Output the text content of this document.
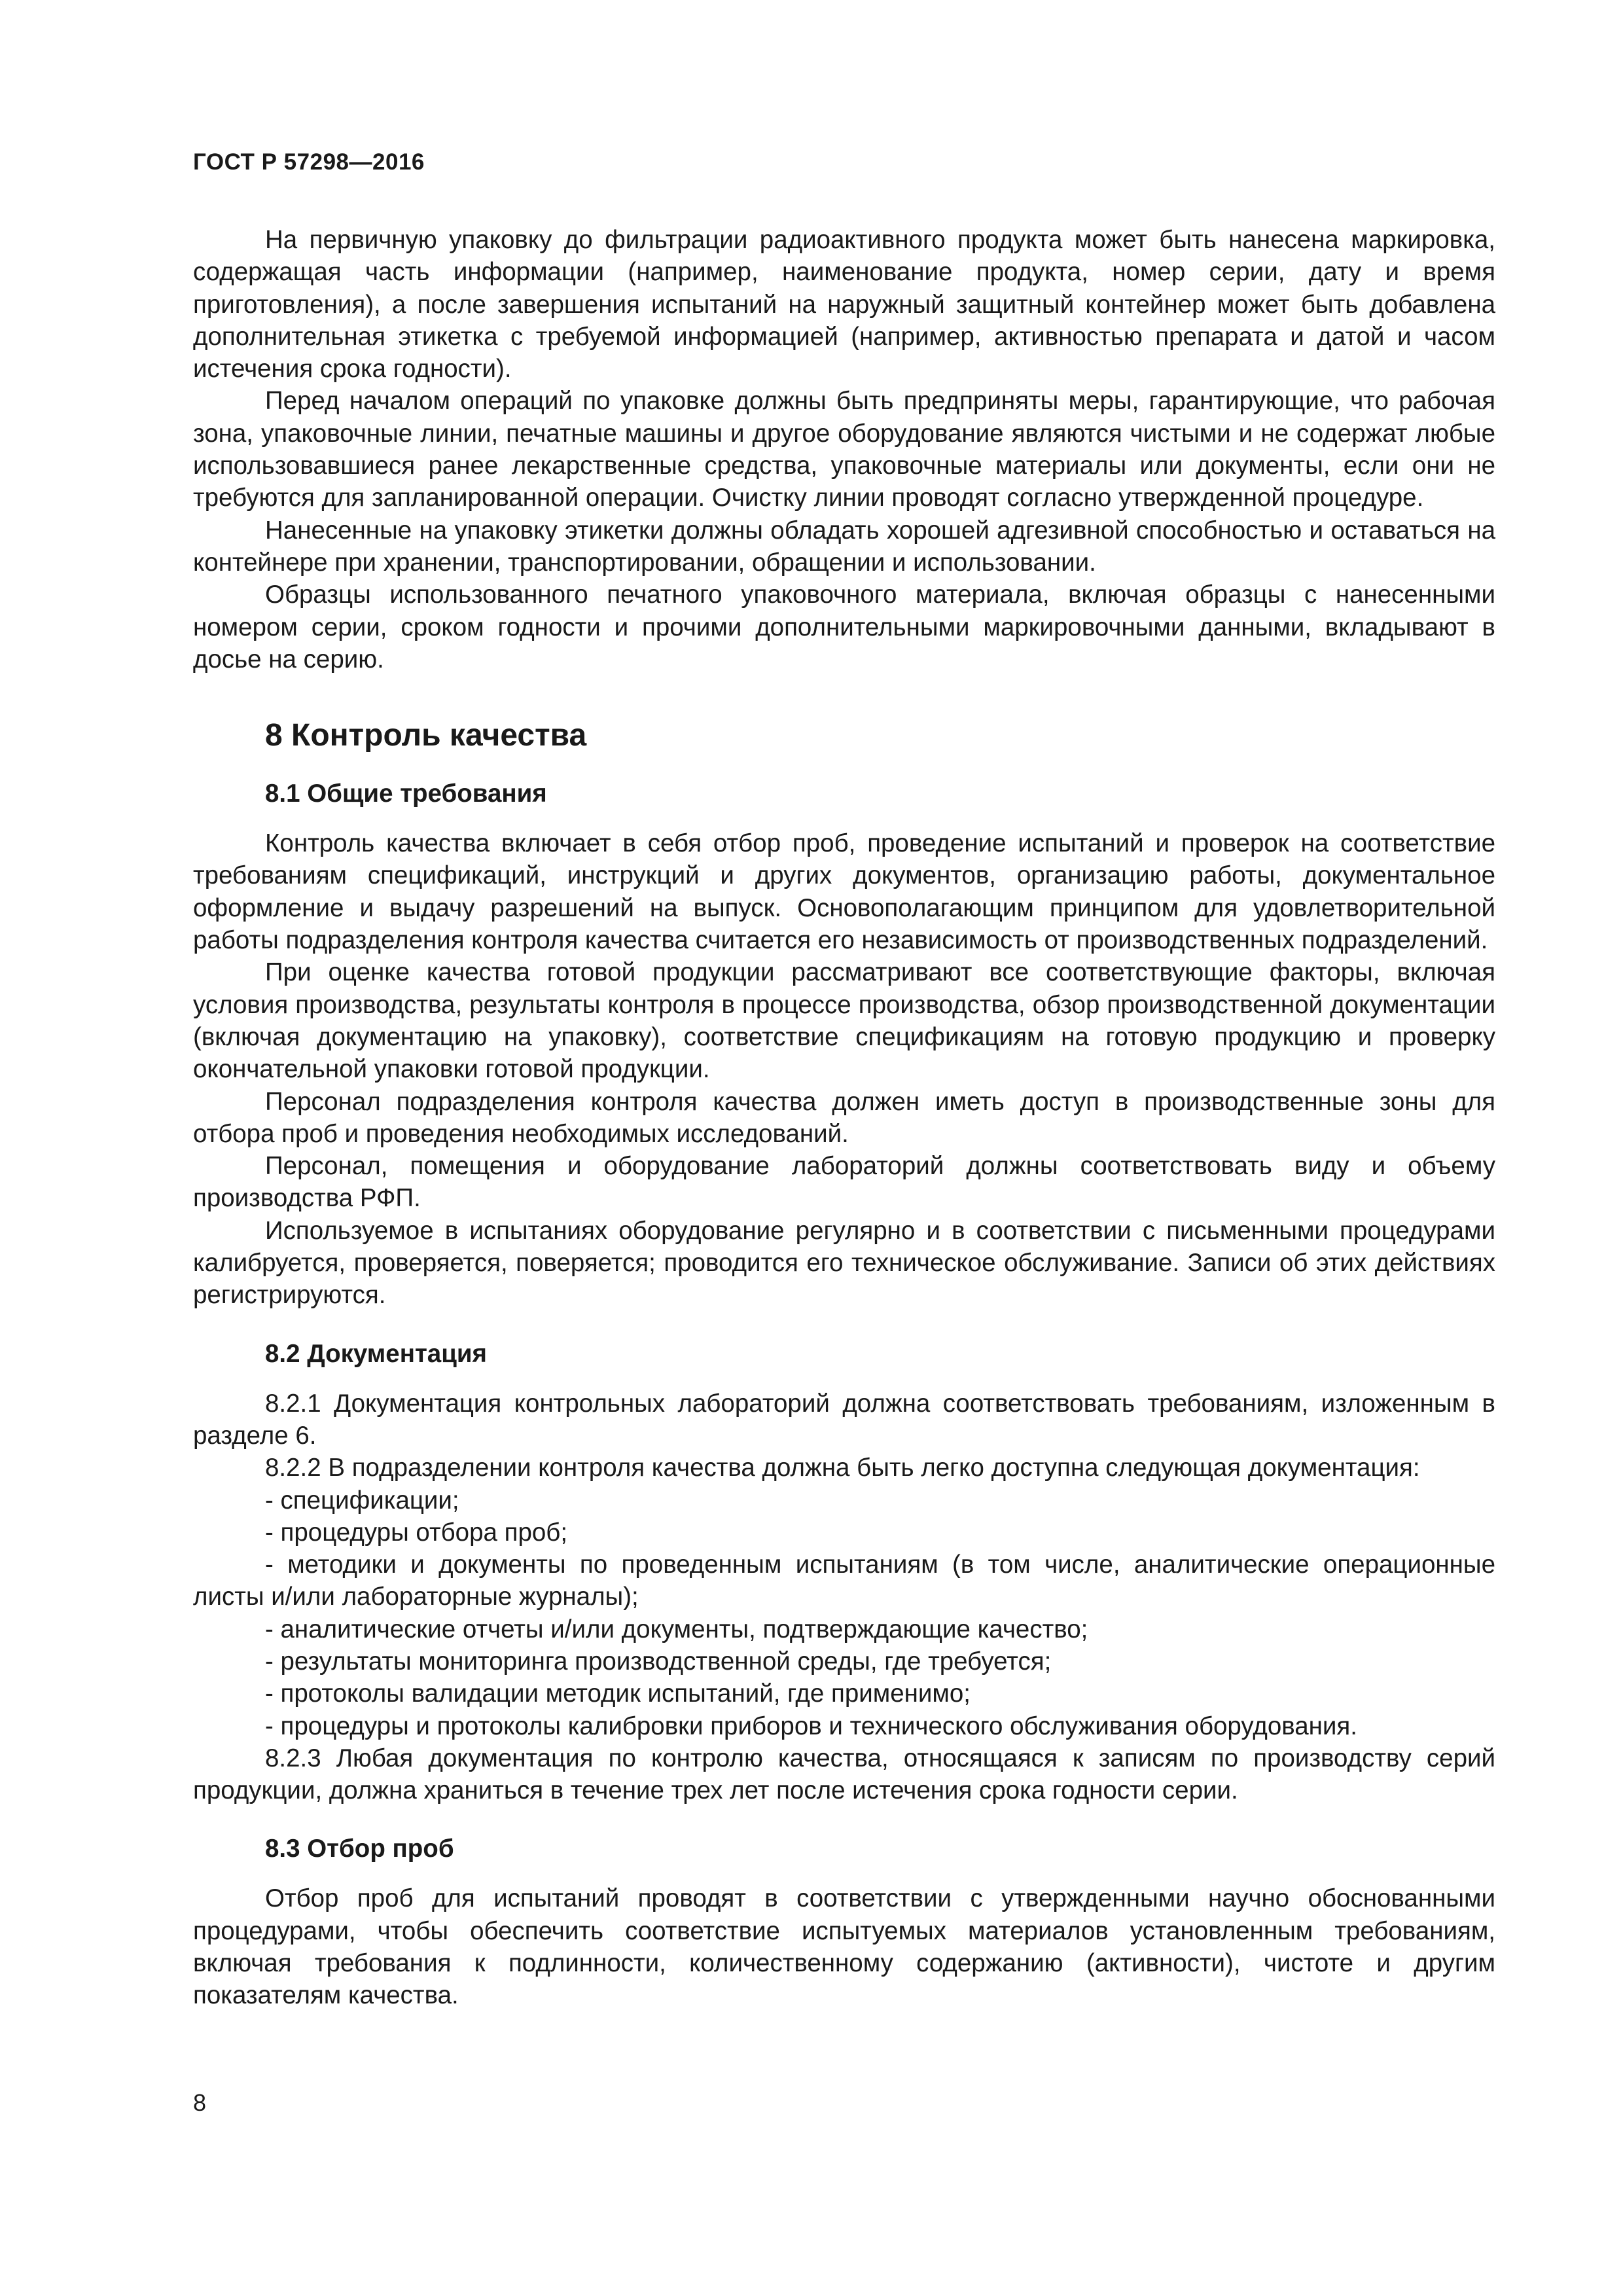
ГОСТ Р 57298—2016

На первичную упаковку до фильтрации радиоактивного продукта может быть нанесена маркировка, содержащая часть информации (например, наименование продукта, номер серии, дату и время приготовления), а после завершения испытаний на наружный защитный контейнер может быть добавлена дополнительная этикетка с требуемой информацией (например, активностью препарата и датой и часом истечения срока годности).

Перед началом операций по упаковке должны быть предприняты меры, гарантирующие, что рабочая зона, упаковочные линии, печатные машины и другое оборудование являются чистыми и не содержат любые использовавшиеся ранее лекарственные средства, упаковочные материалы или документы, если они не требуются для запланированной операции. Очистку линии проводят согласно утвержденной процедуре.

Нанесенные на упаковку этикетки должны обладать хорошей адгезивной способностью и оставаться на контейнере при хранении, транспортировании, обращении и использовании.

Образцы использованного печатного упаковочного материала, включая образцы с нанесенными номером серии, сроком годности и прочими дополнительными маркировочными данными, вкладывают в досье на серию.

8 Контроль качества
8.1 Общие требования

Контроль качества включает в себя отбор проб, проведение испытаний и проверок на соответствие требованиям спецификаций, инструкций и других документов, организацию работы, документальное оформление и выдачу разрешений на выпуск. Основополагающим принципом для удовлетворительной работы подразделения контроля качества считается его независимость от производственных подразделений.

При оценке качества готовой продукции рассматривают все соответствующие факторы, включая условия производства, результаты контроля в процессе производства, обзор производственной документации (включая документацию на упаковку), соответствие спецификациям на готовую продукцию и проверку окончательной упаковки готовой продукции.

Персонал подразделения контроля качества должен иметь доступ в производственные зоны для отбора проб и проведения необходимых исследований.

Персонал, помещения и оборудование лабораторий должны соответствовать виду и объему производства РФП.

Используемое в испытаниях оборудование регулярно и в соответствии с письменными процедурами калибруется, проверяется, поверяется; проводится его техническое обслуживание. Записи об этих действиях регистрируются.

8.2 Документация

8.2.1 Документация контрольных лабораторий должна соответствовать требованиям, изложенным в разделе 6.

8.2.2 В подразделении контроля качества должна быть легко доступна следующая документация:

- спецификации;

- процедуры отбора проб;

- методики и документы по проведенным испытаниям (в том числе, аналитические операционные листы и/или лабораторные журналы);

- аналитические отчеты и/или документы, подтверждающие качество;

- результаты мониторинга производственной среды, где требуется;

- протоколы валидации методик испытаний, где применимо;

- процедуры и протоколы калибровки приборов и технического обслуживания оборудования.

8.2.3 Любая документация по контролю качества, относящаяся к записям по производству серий продукции, должна храниться в течение трех лет после истечения срока годности серии.

8.3 Отбор проб

Отбор проб для испытаний проводят в соответствии с утвержденными научно обоснованными процедурами, чтобы обеспечить соответствие испытуемых материалов установленным требованиям, включая требования к подлинности, количественному содержанию (активности), чистоте и другим показателям качества.

8
